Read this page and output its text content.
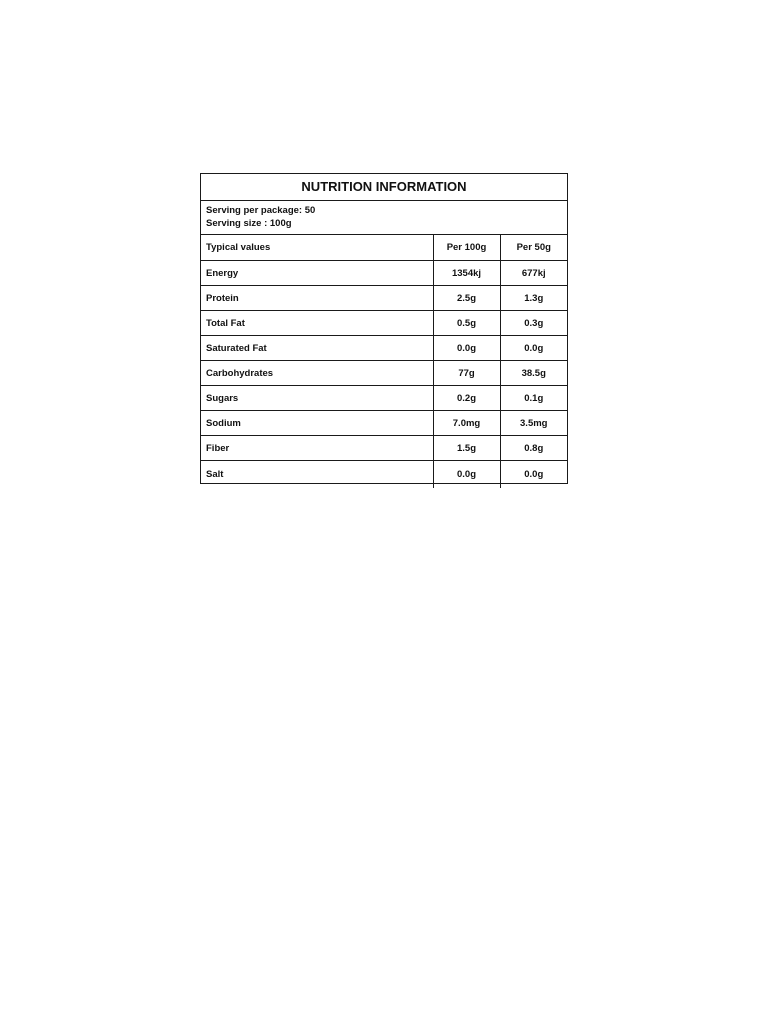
NUTRITION INFORMATION
Serving per package: 50
Serving size : 100g
Typical values	Per 100g	Per 50g
Energy	1354kj	677kj
Protein	2.5g	1.3g
Total Fat	0.5g	0.3g
Saturated Fat	0.0g	0.0g
Carbohydrates	77g	38.5g
Sugars	0.2g	0.1g
Sodium	7.0mg	3.5mg
Fiber	1.5g	0.8g
Salt	0.0g	0.0g
